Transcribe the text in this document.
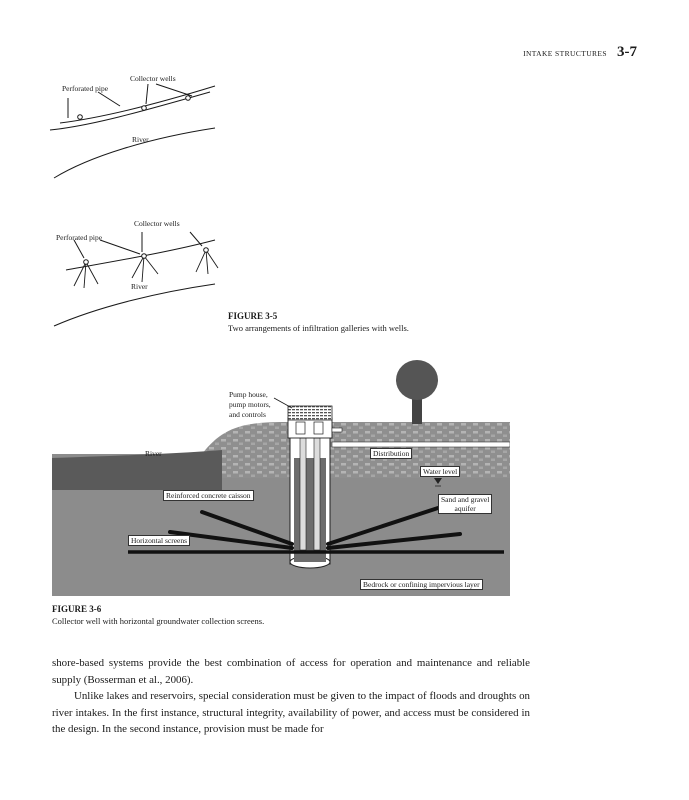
INTAKE STRUCTURES 3-7
Collector wells
Perforated pipe
River
Collector wells
Perforated pipe
River
FIGURE 3-5
Two arrangements of infiltration galleries with wells.
Pump house,
pump motors,
and controls
River	Distribution
Water level
Reinforced concrete caisson	Sand and gravel
aquifer
Horizontal screens
Bedrock or confining impervious layer
FIGURE 3-6
Collector well with horizontal groundwater collection screens.

shore-based systems provide the best combination of access for operation and maintenance and reliable supply (Bosserman et al., 2006).

Unlike lakes and reservoirs, special consideration must be given to the impact of floods and droughts on river intakes. In the first instance, structural integrity, availability of power, and access must be considered in the design. In the second instance, provision must be made for
